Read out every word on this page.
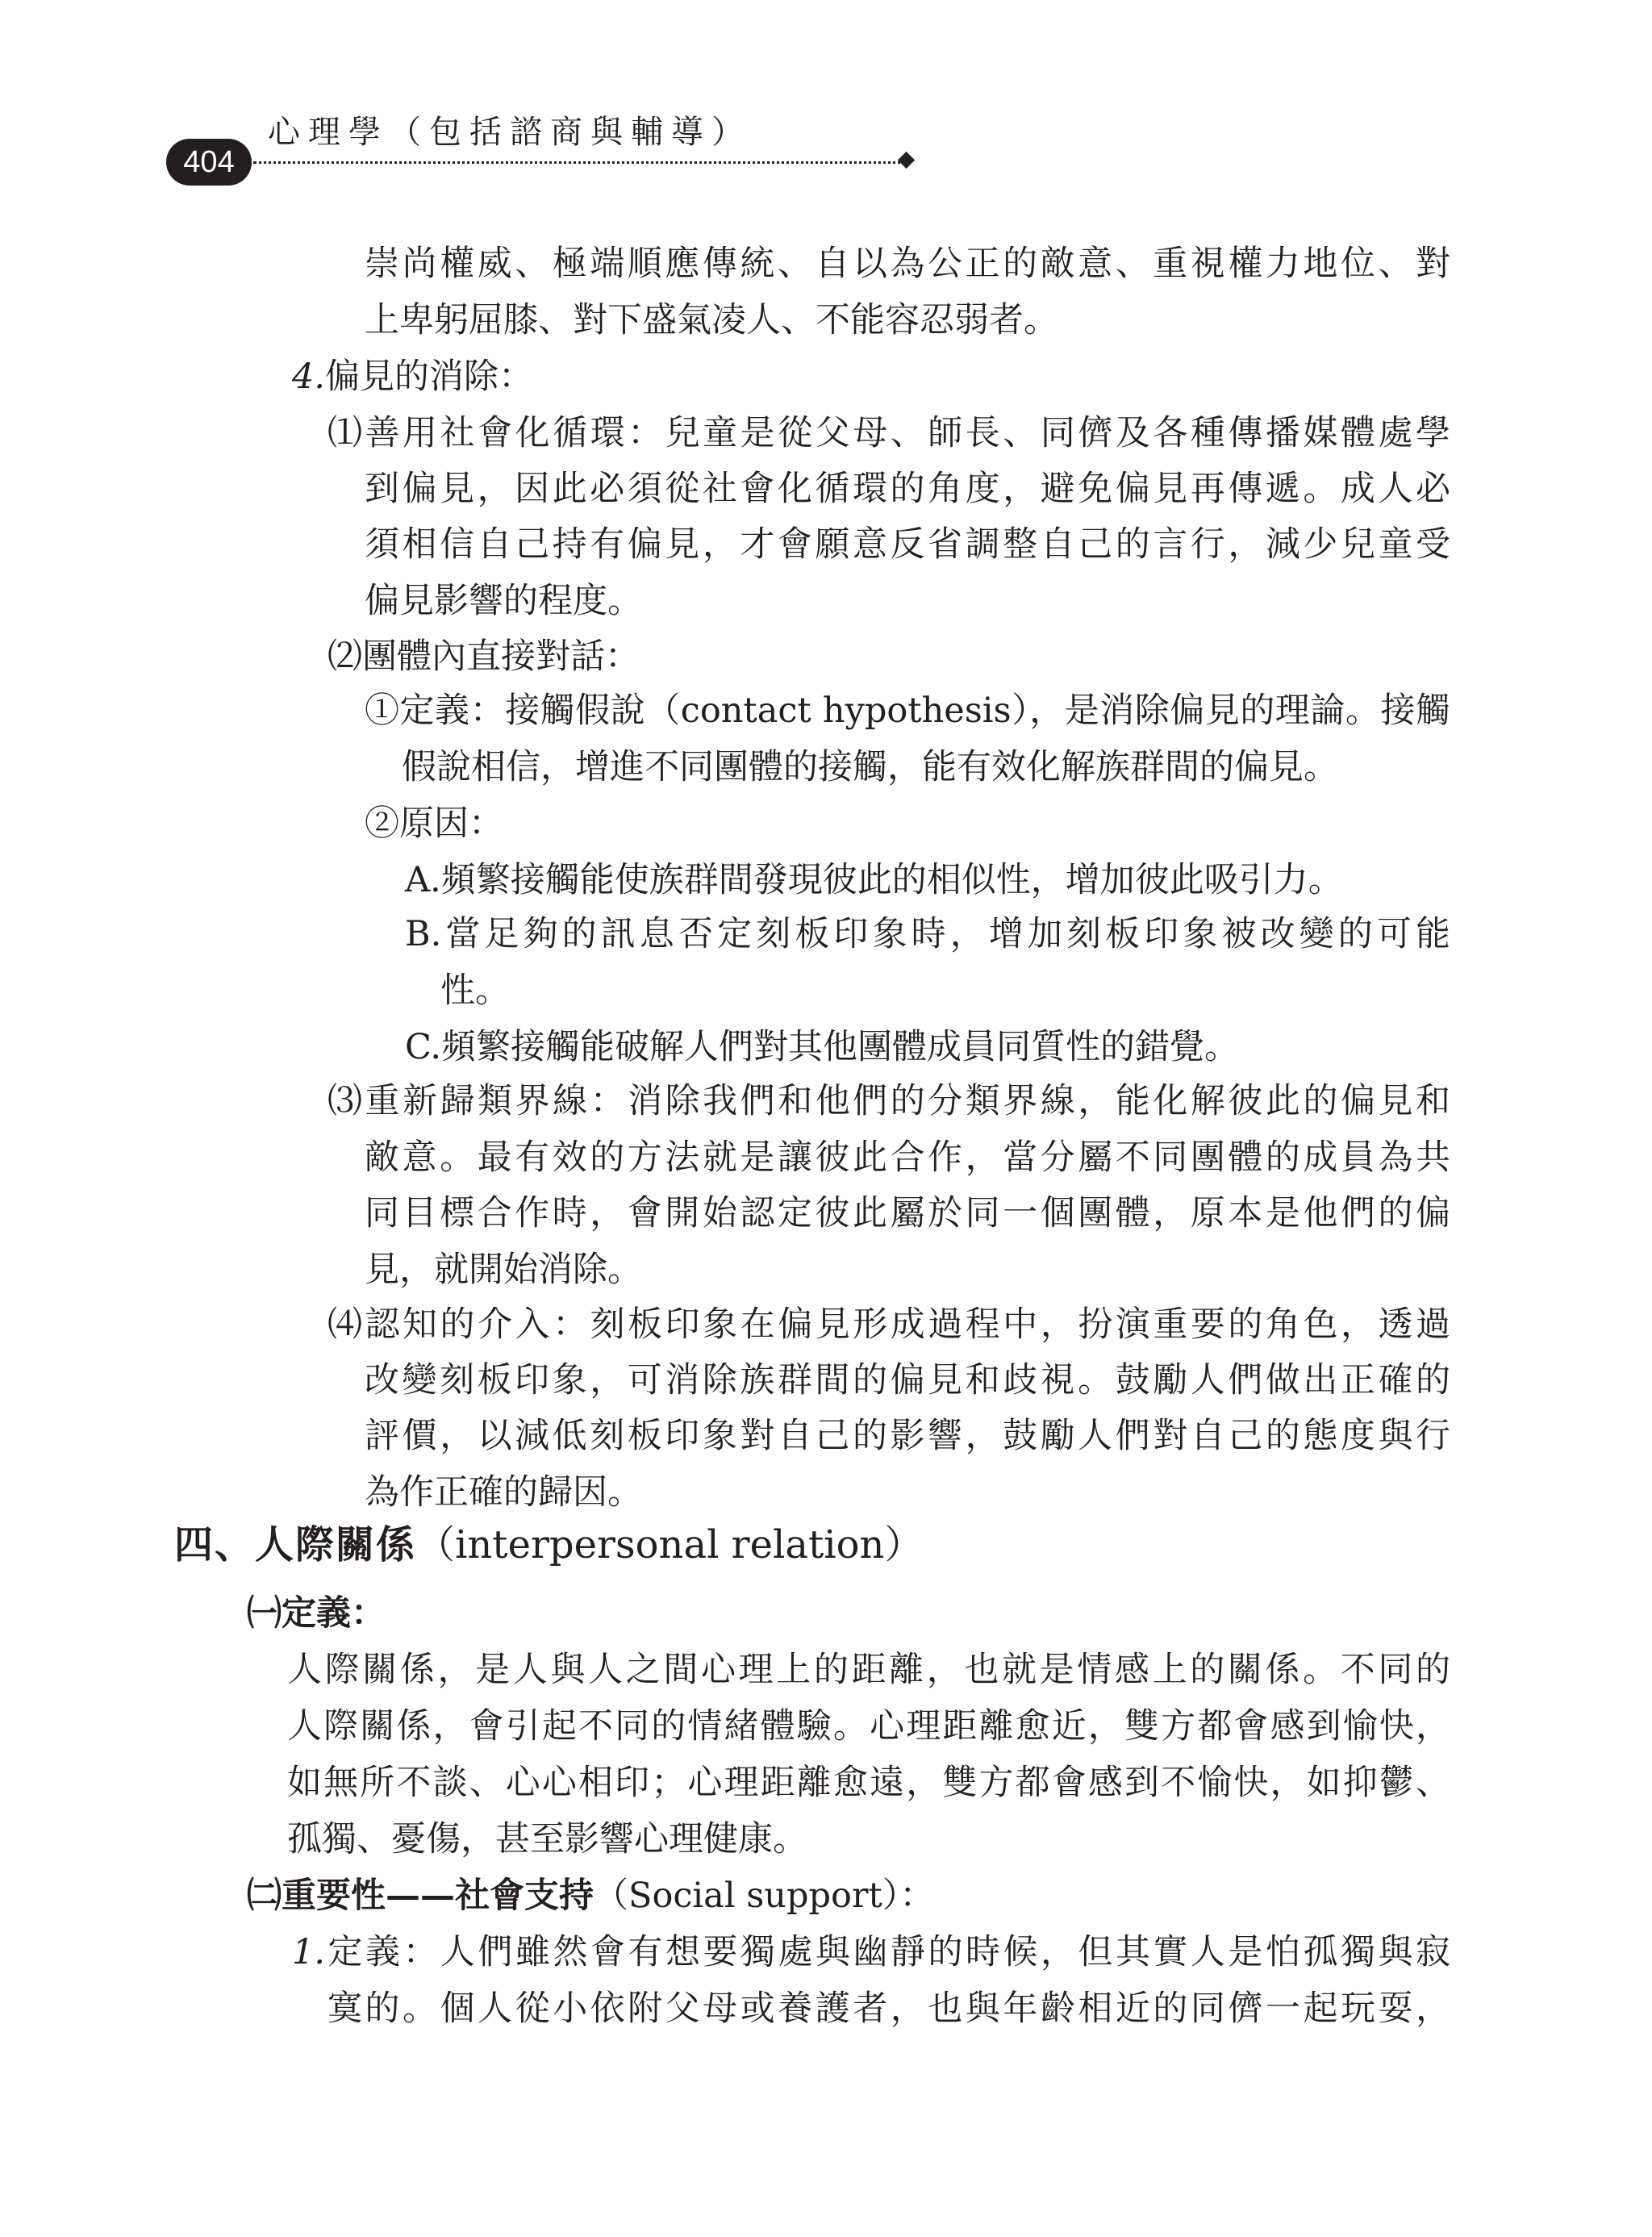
404
心理學（包括諮商與輔導）
崇尚權威、極端順應傳統、自以為公正的敵意、重視權力地位、對
上卑躬屈膝、對下盛氣凌人、不能容忍弱者。
4.偏見的消除：
⑴善用社會化循環：兒童是從父母、師長、同儕及各種傳播媒體處學
到偏見，因此必須從社會化循環的角度，避免偏見再傳遞。成人必
須相信自己持有偏見，才會願意反省調整自己的言行，減少兒童受
偏見影響的程度。
⑵團體內直接對話：
①定義：接觸假說（contact hypothesis），是消除偏見的理論。接觸
假說相信，增進不同團體的接觸，能有效化解族群間的偏見。
②原因：
A.頻繁接觸能使族群間發現彼此的相似性，增加彼此吸引力。
B.當足夠的訊息否定刻板印象時，增加刻板印象被改變的可能
性。
C.頻繁接觸能破解人們對其他團體成員同質性的錯覺。
⑶重新歸類界線：消除我們和他們的分類界線，能化解彼此的偏見和
敵意。最有效的方法就是讓彼此合作，當分屬不同團體的成員為共
同目標合作時，會開始認定彼此屬於同一個團體，原本是他們的偏
見，就開始消除。
⑷認知的介入：刻板印象在偏見形成過程中，扮演重要的角色，透過
改變刻板印象，可消除族群間的偏見和歧視。鼓勵人們做出正確的
評價，以減低刻板印象對自己的影響，鼓勵人們對自己的態度與行
為作正確的歸因。
四、人際關係（interpersonal relation）
㈠定義：
人際關係，是人與人之間心理上的距離，也就是情感上的關係。不同的
人際關係，會引起不同的情緒體驗。心理距離愈近，雙方都會感到愉快，
如無所不談、心心相印；心理距離愈遠，雙方都會感到不愉快，如抑鬱、
孤獨、憂傷，甚至影響心理健康。
㈡重要性——社會支持（Social support）：
1.定義：人們雖然會有想要獨處與幽靜的時候，但其實人是怕孤獨與寂
寞的。個人從小依附父母或養護者，也與年齡相近的同儕一起玩耍，
